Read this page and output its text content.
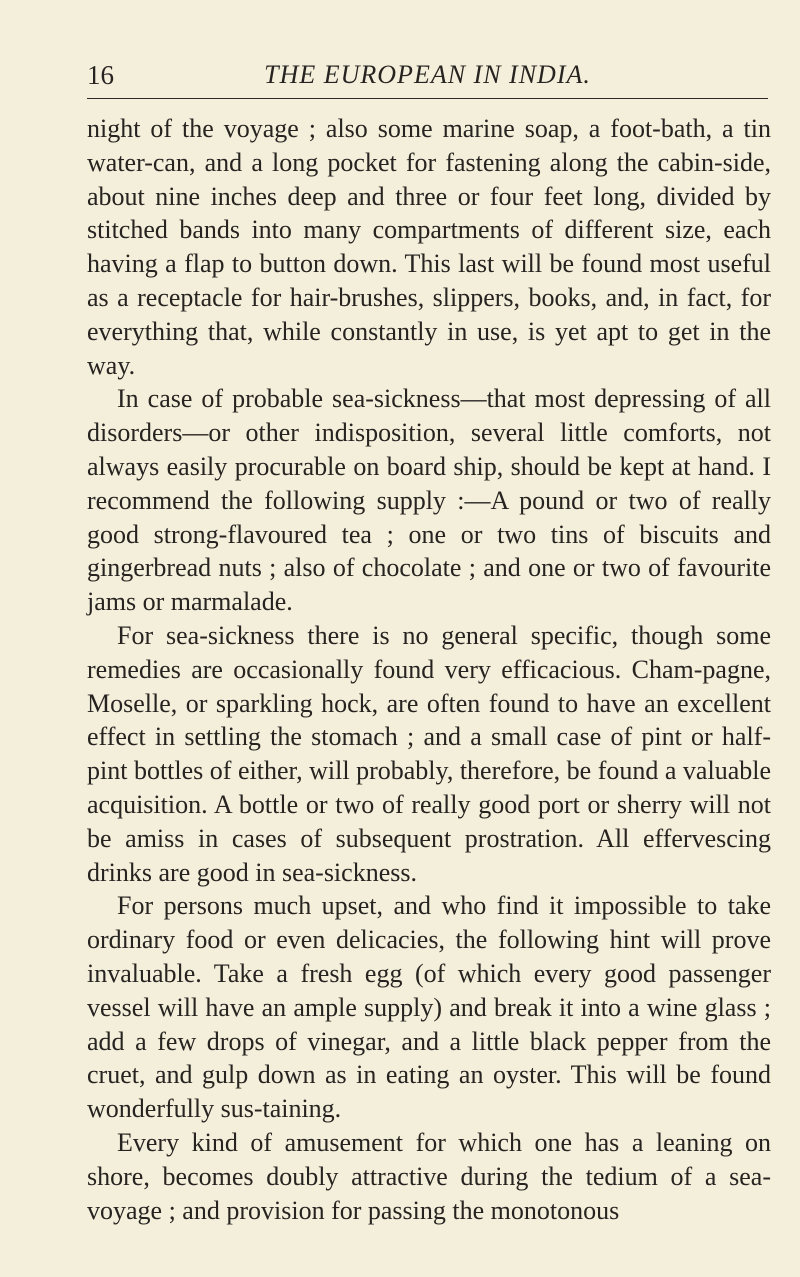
16	THE EUROPEAN IN INDIA.

night of the voyage ; also some marine soap, a foot-bath, a tin water-can, and a long pocket for fastening along the cabin-side, about nine inches deep and three or four feet long, divided by stitched bands into many compartments of different size, each having a flap to button down. This last will be found most useful as a receptacle for hair-brushes, slippers, books, and, in fact, for everything that, while constantly in use, is yet apt to get in the way.

In case of probable sea-sickness—that most depressing of all disorders—or other indisposition, several little comforts, not always easily procurable on board ship, should be kept at hand. I recommend the following supply :—A pound or two of really good strong-flavoured tea ; one or two tins of biscuits and gingerbread nuts ; also of chocolate ; and one or two of favourite jams or marmalade.

For sea-sickness there is no general specific, though some remedies are occasionally found very efficacious. Cham-pagne, Moselle, or sparkling hock, are often found to have an excellent effect in settling the stomach ; and a small case of pint or half-pint bottles of either, will probably, therefore, be found a valuable acquisition. A bottle or two of really good port or sherry will not be amiss in cases of subsequent prostration. All effervescing drinks are good in sea-sickness.

For persons much upset, and who find it impossible to take ordinary food or even delicacies, the following hint will prove invaluable. Take a fresh egg (of which every good passenger vessel will have an ample supply) and break it into a wine glass ; add a few drops of vinegar, and a little black pepper from the cruet, and gulp down as in eating an oyster. This will be found wonderfully sus-taining.

Every kind of amusement for which one has a leaning on shore, becomes doubly attractive during the tedium of a sea-voyage ; and provision for passing the monotonous
